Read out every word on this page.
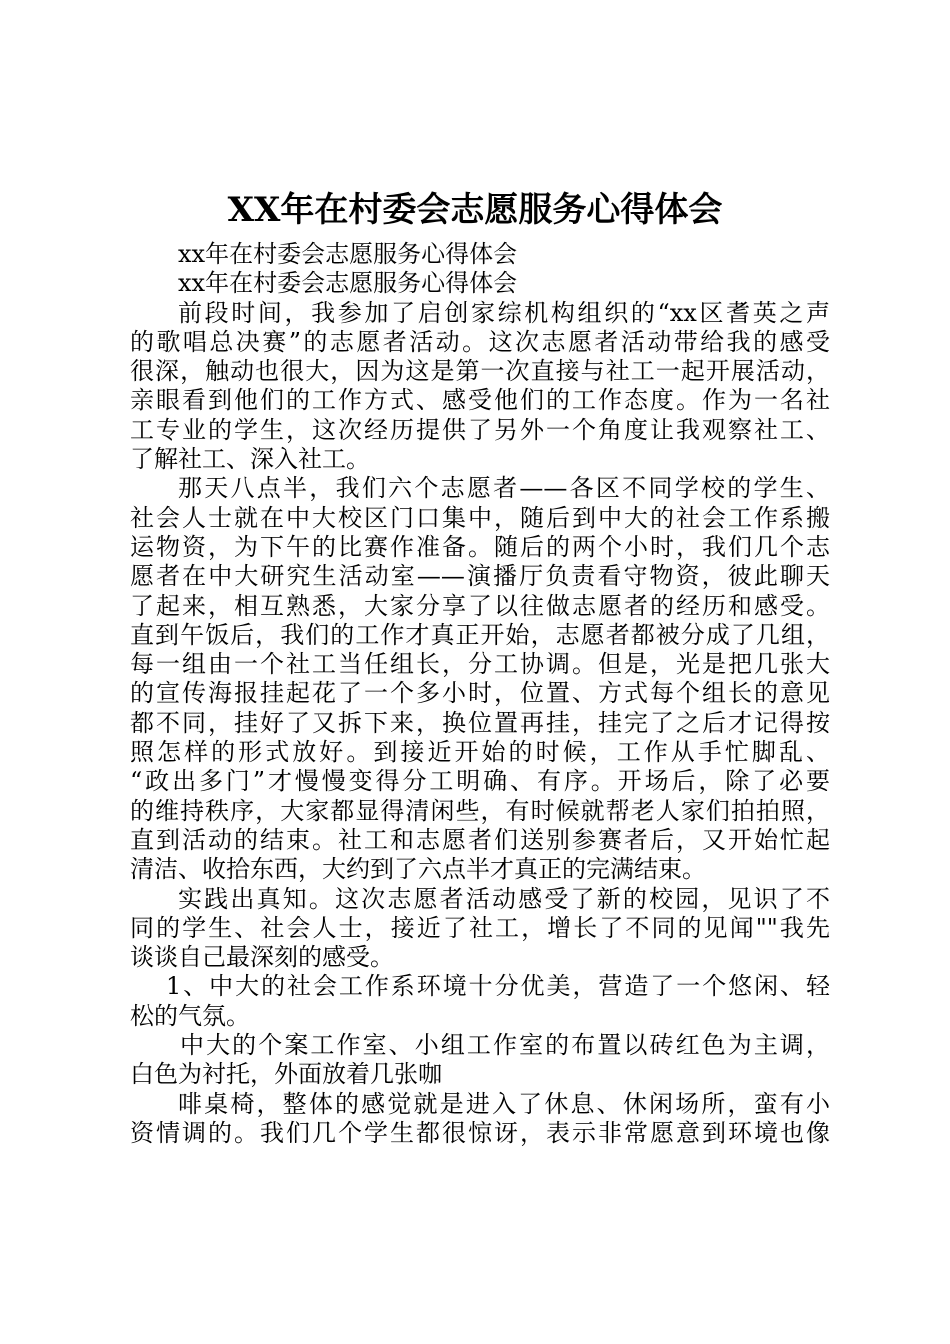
XX年在村委会志愿服务心得体会
xx年在村委会志愿服务心得体会
xx年在村委会志愿服务心得体会
前段时间，我参加了启创家综机构组织的“xx区耆英之声
的歌唱总决赛”的志愿者活动。这次志愿者活动带给我的感受
很深，触动也很大，因为这是第一次直接与社工一起开展活动，
亲眼看到他们的工作方式、感受他们的工作态度。作为一名社
工专业的学生，这次经历提供了另外一个角度让我观察社工、
了解社工、深入社工。
那天八点半，我们六个志愿者——各区不同学校的学生、
社会人士就在中大校区门口集中，随后到中大的社会工作系搬
运物资，为下午的比赛作准备。随后的两个小时，我们几个志
愿者在中大研究生活动室——演播厅负责看守物资，彼此聊天
了起来，相互熟悉，大家分享了以往做志愿者的经历和感受。
直到午饭后，我们的工作才真正开始，志愿者都被分成了几组，
每一组由一个社工当任组长，分工协调。但是，光是把几张大
的宣传海报挂起花了一个多小时，位置、方式每个组长的意见
都不同，挂好了又拆下来，换位置再挂，挂完了之后才记得按
照怎样的形式放好。到接近开始的时候，工作从手忙脚乱、
“政出多门”才慢慢变得分工明确、有序。开场后，除了必要
的维持秩序，大家都显得清闲些，有时候就帮老人家们拍拍照，
直到活动的结束。社工和志愿者们送别参赛者后，又开始忙起
清洁、收拾东西，大约到了六点半才真正的完满结束。
实践出真知。这次志愿者活动感受了新的校园，见识了不
同的学生、社会人士，接近了社工，增长了不同的见闻""我先
谈谈自己最深刻的感受。
1、中大的社会工作系环境十分优美，营造了一个悠闲、轻
松的气氛。
中大的个案工作室、小组工作室的布置以砖红色为主调，
白色为衬托，外面放着几张咖
啡桌椅，整体的感觉就是进入了休息、休闲场所，蛮有小
资情调的。我们几个学生都很惊讶，表示非常愿意到环境也像
